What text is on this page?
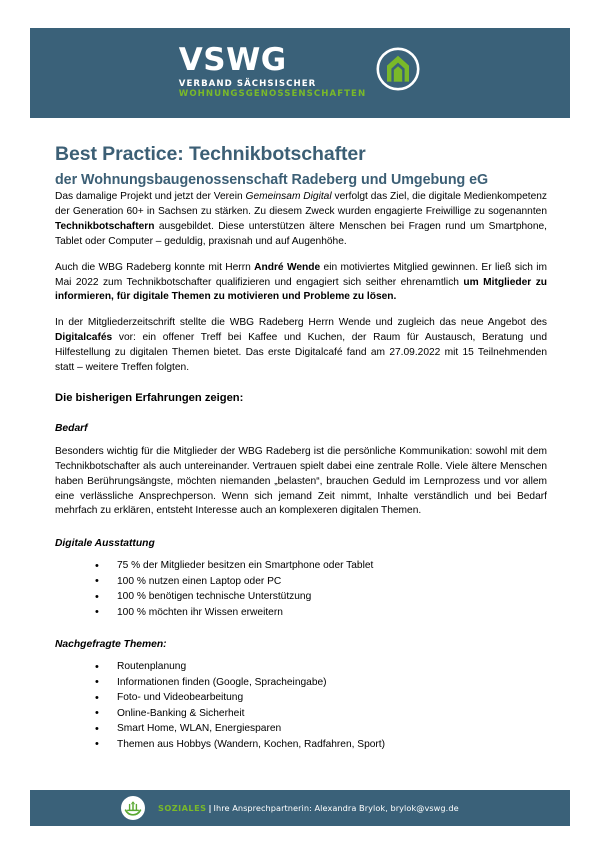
VSWG
VERBAND SÄCHSISCHER
WOHNUNGSGENOSSENSCHAFTEN
Best Practice: Technikbotschafter
der Wohnungsbaugenossenschaft Radeberg und Umgebung eG

Das damalige Projekt und jetzt der Verein Gemeinsam Digital verfolgt das Ziel, die digitale Medienkompetenz der Generation 60+ in Sachsen zu stärken. Zu diesem Zweck wurden engagierte Freiwillige zu sogenannten Technikbotschaftern ausgebildet. Diese unterstützen ältere Menschen bei Fragen rund um Smartphone, Tablet oder Computer – geduldig, praxisnah und auf Augenhöhe.

Auch die WBG Radeberg konnte mit Herrn André Wende ein motiviertes Mitglied gewinnen. Er ließ sich im Mai 2022 zum Technikbotschafter qualifizieren und engagiert sich seither ehrenamtlich um Mitglieder zu informieren, für digitale Themen zu motivieren und Probleme zu lösen.

In der Mitgliederzeitschrift stellte die WBG Radeberg Herrn Wende und zugleich das neue Angebot des Digitalcafés vor: ein offener Treff bei Kaffee und Kuchen, der Raum für Austausch, Beratung und Hilfestellung zu digitalen Themen bietet. Das erste Digitalcafé fand am 27.09.2022 mit 15 Teilnehmenden statt – weitere Treffen folgten.

Die bisherigen Erfahrungen zeigen:
Bedarf

Besonders wichtig für die Mitglieder der WBG Radeberg ist die persönliche Kommunikation: sowohl mit dem Technikbotschafter als auch untereinander. Vertrauen spielt dabei eine zentrale Rolle. Viele ältere Menschen haben Berührungsängste, möchten niemanden „belasten“, brauchen Geduld im Lernprozess und vor allem eine verlässliche Ansprechperson. Wenn sich jemand Zeit nimmt, Inhalte verständlich und bei Bedarf mehrfach zu erklären, entsteht Interesse auch an komplexeren digitalen Themen.

Digitale Ausstattung
• 75 % der Mitglieder besitzen ein Smartphone oder Tablet
• 100 % nutzen einen Laptop oder PC
• 100 % benötigen technische Unterstützung
• 100 % möchten ihr Wissen erweitern
Nachgefragte Themen:
• Routenplanung
• Informationen finden (Google, Spracheingabe)
• Foto- und Videobearbeitung
• Online-Banking & Sicherheit
• Smart Home, WLAN, Energiesparen
• Themen aus Hobbys (Wandern, Kochen, Radfahren, Sport)
SOZIALES | Ihre Ansprechpartnerin: Alexandra Brylok, brylok@vswg.de
